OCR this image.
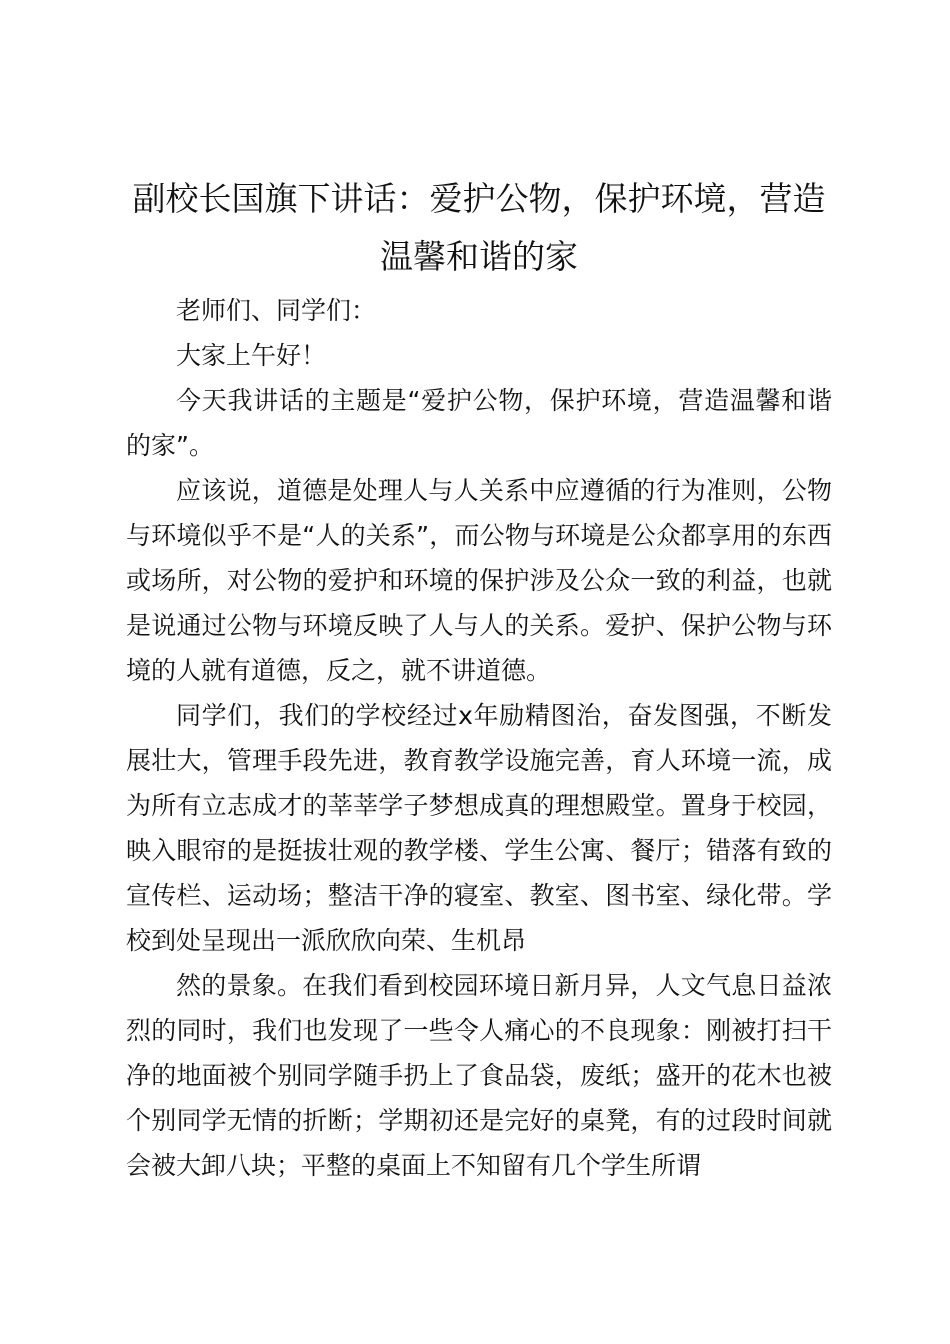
副校长国旗下讲话：爱护公物，保护环境，营造温馨和谐的家

老师们、同学们：

大家上午好！

今天我讲话的主题是“爱护公物，保护环境，营造温馨和谐的家”。

应该说，道德是处理人与人关系中应遵循的行为准则，公物与环境似乎不是“人的关系”，而公物与环境是公众都享用的东西或场所，对公物的爱护和环境的保护涉及公众一致的利益，也就是说通过公物与环境反映了人与人的关系。爱护、保护公物与环境的人就有道德，反之，就不讲道德。

同学们，我们的学校经过x年励精图治，奋发图强，不断发展壮大，管理手段先进，教育教学设施完善，育人环境一流，成为所有立志成才的莘莘学子梦想成真的理想殿堂。置身于校园，映入眼帘的是挺拔壮观的教学楼、学生公寓、餐厅；错落有致的宣传栏、运动场；整洁干净的寝室、教室、图书室、绿化带。学校到处呈现出一派欣欣向荣、生机昂

然的景象。在我们看到校园环境日新月异，人文气息日益浓烈的同时，我们也发现了一些令人痛心的不良现象：刚被打扫干净的地面被个别同学随手扔上了食品袋，废纸；盛开的花木也被个别同学无情的折断；学期初还是完好的桌凳，有的过段时间就会被大卸八块；平整的桌面上不知留有几个学生所谓
